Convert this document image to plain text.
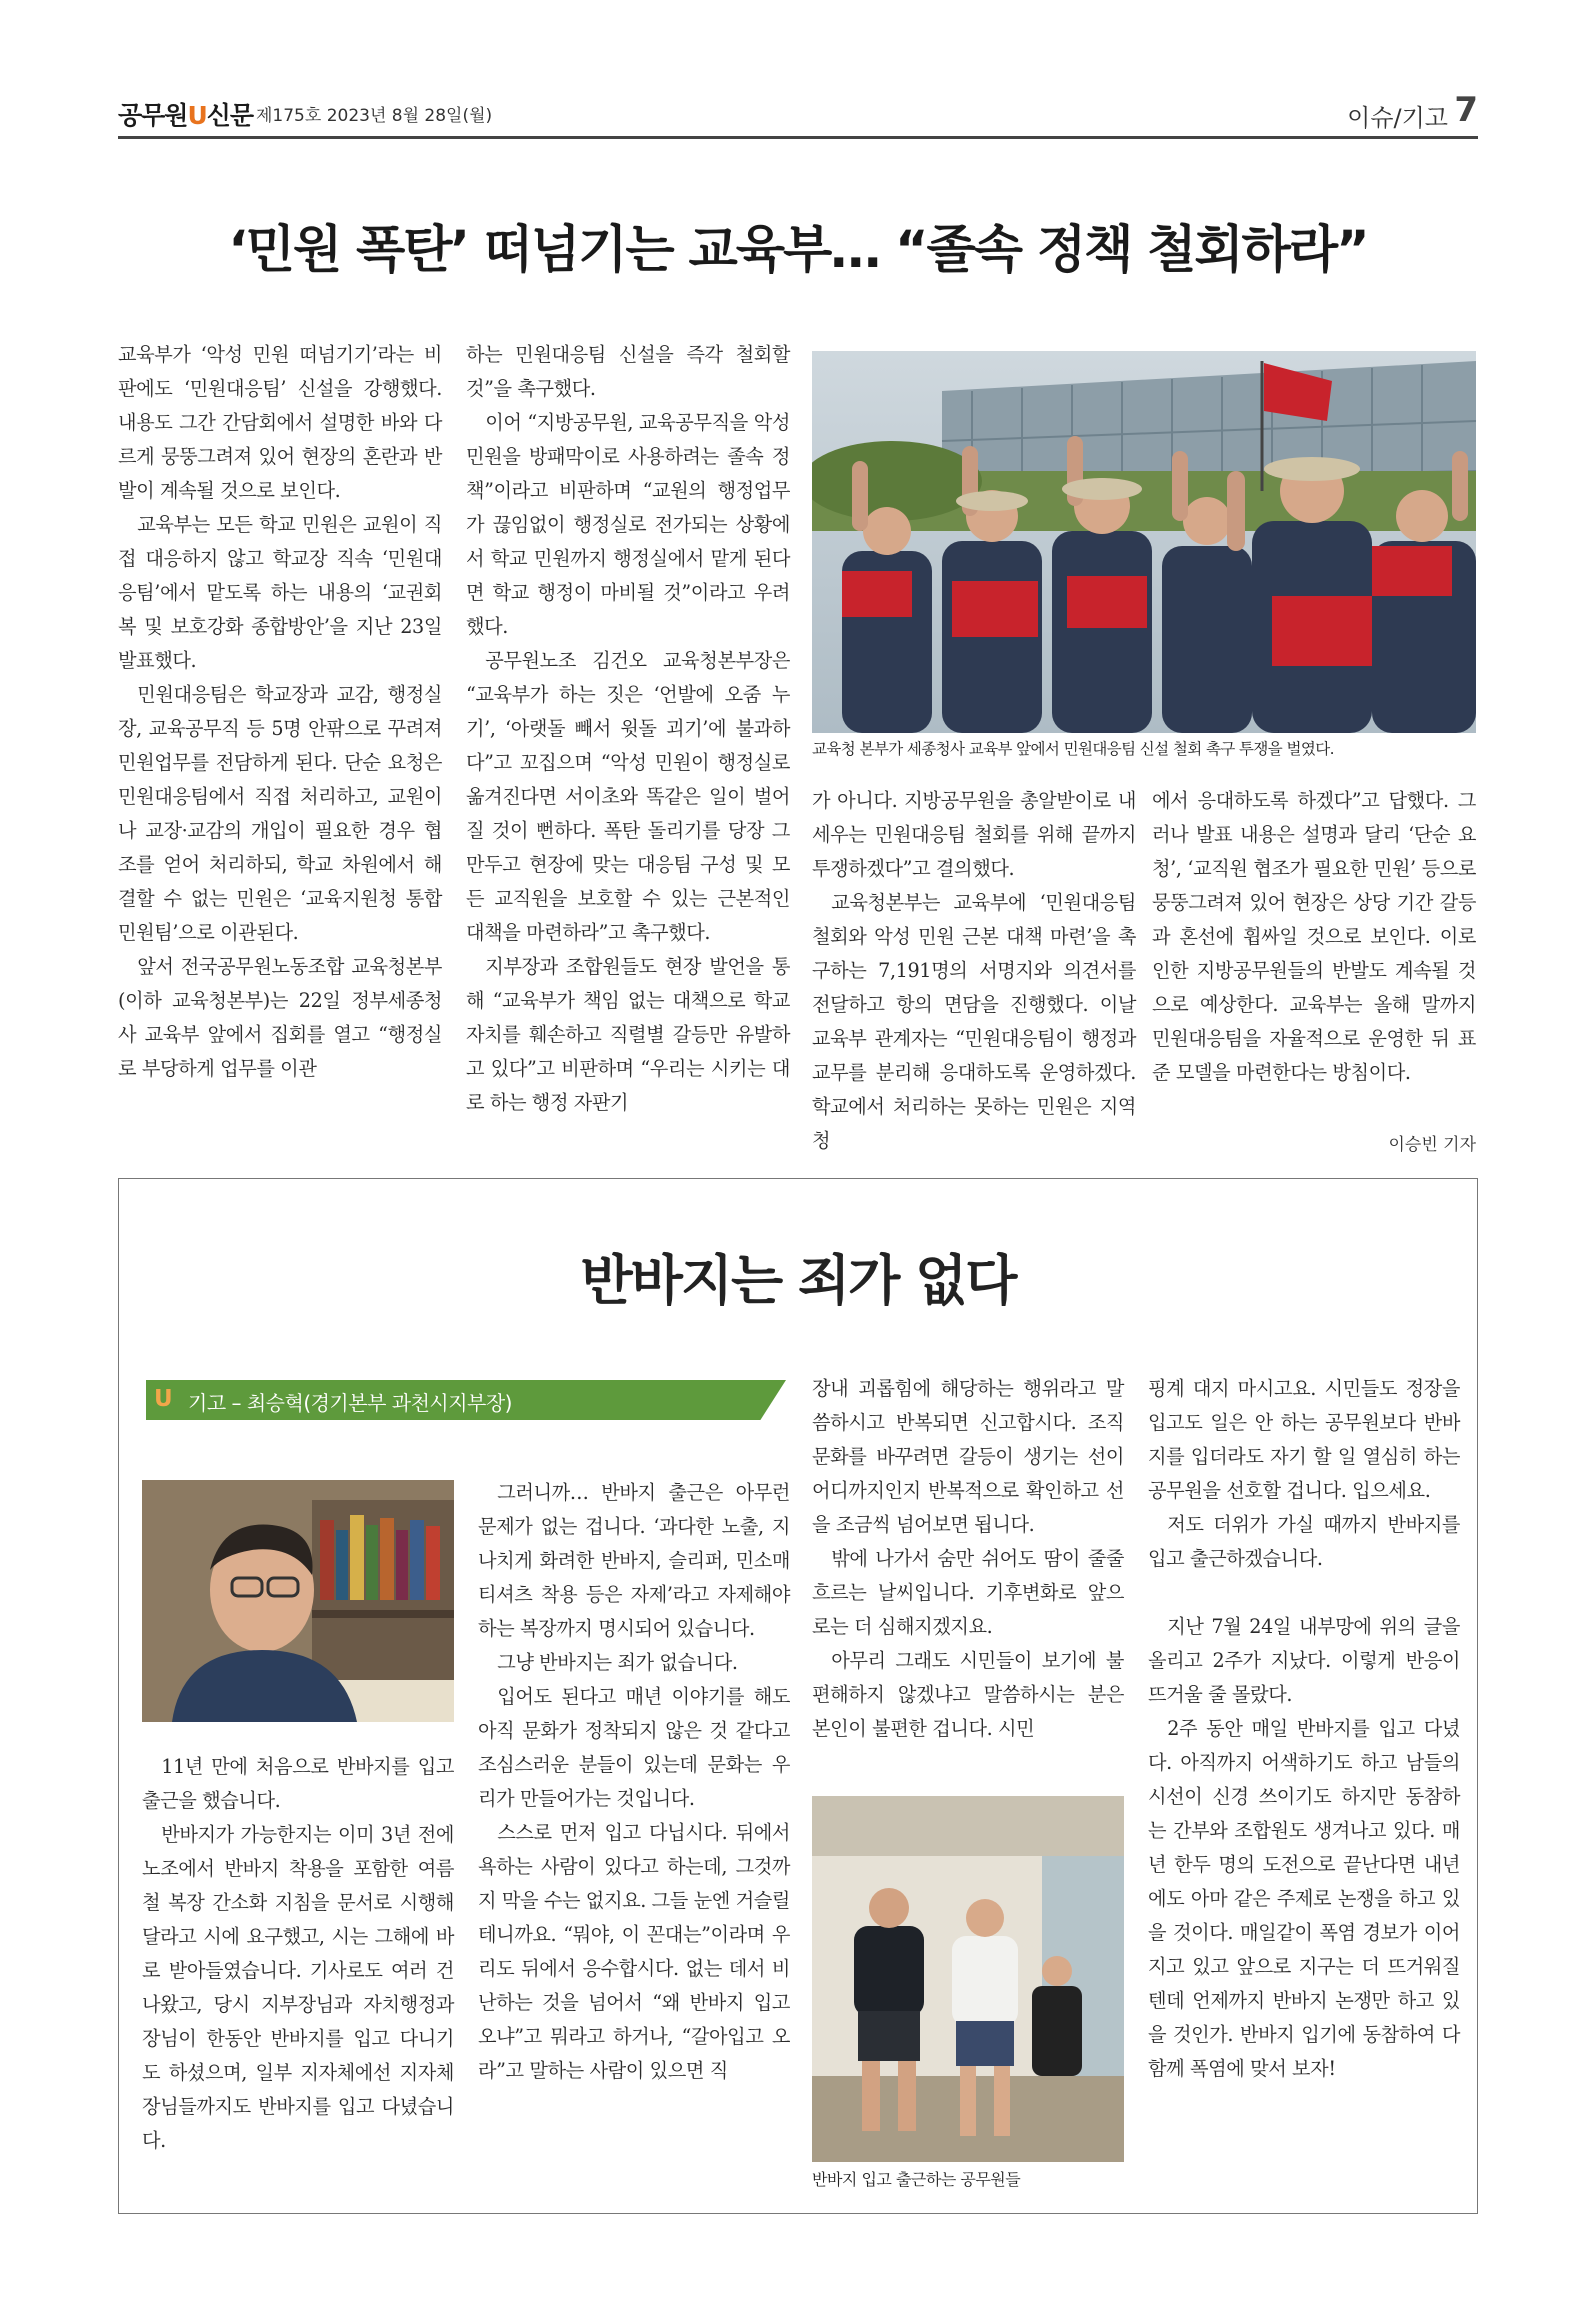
공무원U신문 제175호 2023년 8월 28일(월)	이슈/기고 7
‘민원 폭탄’ 떠넘기는 교육부… “졸속 정책 철회하라”

교육부가 ‘악성 민원 떠넘기기’라는 비판에도 ‘민원대응팀’ 신설을 강행했다. 내용도 그간 간담회에서 설명한 바와 다르게 뭉뚱그려져 있어 현장의 혼란과 반발이 계속될 것으로 보인다.

교육부는 모든 학교 민원은 교원이 직접 대응하지 않고 학교장 직속 ‘민원대응팀’에서 맡도록 하는 내용의 ‘교권회복 및 보호강화 종합방안’을 지난 23일 발표했다.

민원대응팀은 학교장과 교감, 행정실장, 교육공무직 등 5명 안팎으로 꾸려져 민원업무를 전담하게 된다. 단순 요청은 민원대응팀에서 직접 처리하고, 교원이나 교장·교감의 개입이 필요한 경우 협조를 얻어 처리하되, 학교 차원에서 해결할 수 없는 민원은 ‘교육지원청 통합민원팀’으로 이관된다.

앞서 전국공무원노동조합 교육청본부(이하 교육청본부)는 22일 정부세종청사 교육부 앞에서 집회를 열고 “행정실로 부당하게 업무를 이관

하는 민원대응팀 신설을 즉각 철회할 것”을 촉구했다.

이어 “지방공무원, 교육공무직을 악성 민원을 방패막이로 사용하려는 졸속 정책”이라고 비판하며 “교원의 행정업무가 끊임없이 행정실로 전가되는 상황에서 학교 민원까지 행정실에서 맡게 된다면 학교 행정이 마비될 것”이라고 우려했다.

공무원노조 김건오 교육청본부장은 “교육부가 하는 짓은 ‘언발에 오줌 누기’, ‘아랫돌 빼서 윗돌 괴기’에 불과하다”고 꼬집으며 “악성 민원이 행정실로 옮겨진다면 서이초와 똑같은 일이 벌어질 것이 뻔하다. 폭탄 돌리기를 당장 그만두고 현장에 맞는 대응팀 구성 및 모든 교직원을 보호할 수 있는 근본적인 대책을 마련하라”고 촉구했다.

지부장과 조합원들도 현장 발언을 통해 “교육부가 책임 없는 대책으로 학교 자치를 훼손하고 직렬별 갈등만 유발하고 있다”고 비판하며 “우리는 시키는 대로 하는 행정 자판기

가 아니다. 지방공무원을 총알받이로 내세우는 민원대응팀 철회를 위해 끝까지 투쟁하겠다”고 결의했다.

교육청본부는 교육부에 ‘민원대응팀 철회와 악성 민원 근본 대책 마련’을 촉구하는 7,191명의 서명지와 의견서를 전달하고 항의 면담을 진행했다. 이날 교육부 관계자는 “민원대응팀이 행정과 교무를 분리해 응대하도록 운영하겠다. 학교에서 처리하는 못하는 민원은 지역청

에서 응대하도록 하겠다”고 답했다. 그러나 발표 내용은 설명과 달리 ‘단순 요청’, ‘교직원 협조가 필요한 민원’ 등으로 뭉뚱그려져 있어 현장은 상당 기간 갈등과 혼선에 휩싸일 것으로 보인다. 이로 인한 지방공무원들의 반발도 계속될 것으로 예상한다. 교육부는 올해 말까지 민원대응팀을 자율적으로 운영한 뒤 표준 모델을 마련한다는 방침이다.

교육청 본부가 세종청사 교육부 앞에서 민원대응팀 신설 철회 촉구 투쟁을 벌였다.
이승빈 기자
반바지는 죄가 없다
U 기고 – 최승혁(경기본부 과천시지부장)

11년 만에 처음으로 반바지를 입고 출근을 했습니다.

반바지가 가능한지는 이미 3년 전에 노조에서 반바지 착용을 포함한 여름철 복장 간소화 지침을 문서로 시행해달라고 시에 요구했고, 시는 그해에 바로 받아들였습니다. 기사로도 여러 건 나왔고, 당시 지부장님과 자치행정과장님이 한동안 반바지를 입고 다니기도 하셨으며, 일부 지자체에선 지자체장님들까지도 반바지를 입고 다녔습니다.

그러니까… 반바지 출근은 아무런 문제가 없는 겁니다. ‘과다한 노출, 지나치게 화려한 반바지, 슬리퍼, 민소매 티셔츠 착용 등은 자제’라고 자제해야 하는 복장까지 명시되어 있습니다.

그냥 반바지는 죄가 없습니다.

입어도 된다고 매년 이야기를 해도 아직 문화가 정착되지 않은 것 같다고 조심스러운 분들이 있는데 문화는 우리가 만들어가는 것입니다.

스스로 먼저 입고 다닙시다. 뒤에서 욕하는 사람이 있다고 하는데, 그것까지 막을 수는 없지요. 그들 눈엔 거슬릴 테니까요. “뭐야, 이 꼰대는”이라며 우리도 뒤에서 응수합시다. 없는 데서 비난하는 것을 넘어서 “왜 반바지 입고 오냐”고 뭐라고 하거나, “갈아입고 오라”고 말하는 사람이 있으면 직

장내 괴롭힘에 해당하는 행위라고 말씀하시고 반복되면 신고합시다. 조직 문화를 바꾸려면 갈등이 생기는 선이 어디까지인지 반복적으로 확인하고 선을 조금씩 넘어보면 됩니다.

밖에 나가서 숨만 쉬어도 땀이 줄줄 흐르는 날씨입니다. 기후변화로 앞으로는 더 심해지겠지요.

아무리 그래도 시민들이 보기에 불편해하지 않겠냐고 말씀하시는 분은 본인이 불편한 겁니다. 시민

핑계 대지 마시고요. 시민들도 정장을 입고도 일은 안 하는 공무원보다 반바지를 입더라도 자기 할 일 열심히 하는 공무원을 선호할 겁니다. 입으세요.

저도 더위가 가실 때까지 반바지를 입고 출근하겠습니다.

지난 7월 24일 내부망에 위의 글을 올리고 2주가 지났다. 이렇게 반응이 뜨거울 줄 몰랐다.

2주 동안 매일 반바지를 입고 다녔다. 아직까지 어색하기도 하고 남들의 시선이 신경 쓰이기도 하지만 동참하는 간부와 조합원도 생겨나고 있다. 매년 한두 명의 도전으로 끝난다면 내년에도 아마 같은 주제로 논쟁을 하고 있을 것이다. 매일같이 폭염 경보가 이어지고 있고 앞으로 지구는 더 뜨거워질 텐데 언제까지 반바지 논쟁만 하고 있을 것인가. 반바지 입기에 동참하여 다 함께 폭염에 맞서 보자!

반바지 입고 출근하는 공무원들
